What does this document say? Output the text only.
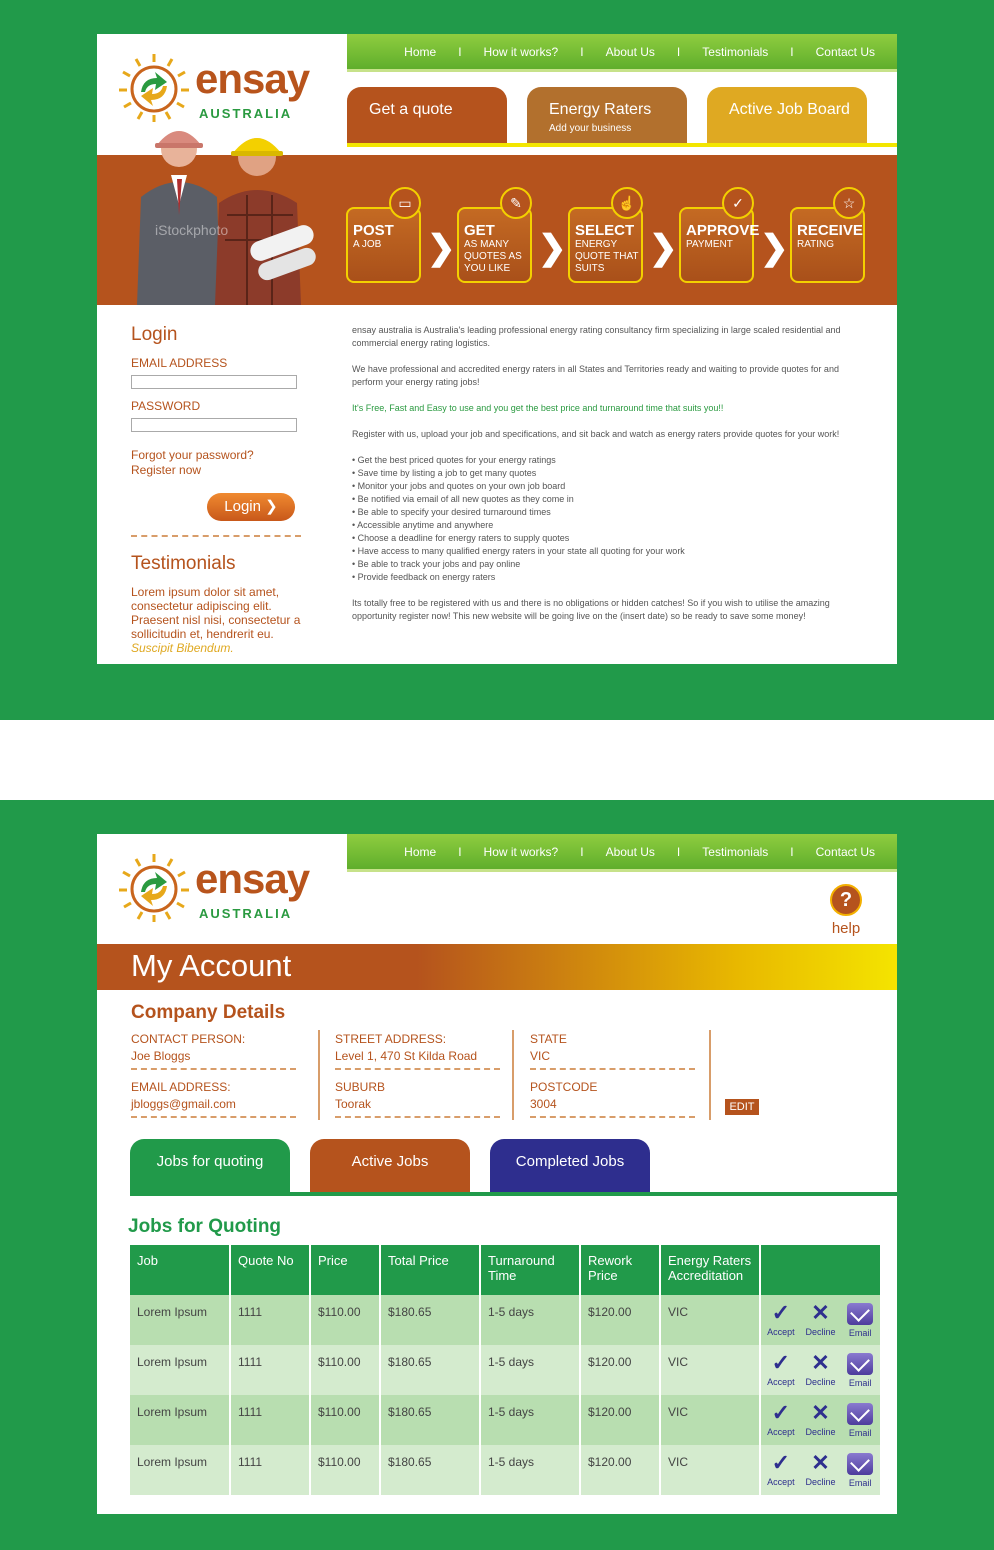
ensay
AUSTRALIA
Home I How it works? I About Us I Testimonials I Contact Us
Get a quote	Energy Raters
Add your business
Active Job Board
iStockphoto
▭
POST
A JOB	❯
✎
GET
AS MANY QUOTES AS YOU LIKE
❯
☝
SELECT
ENERGY QUOTE THAT SUITS
❯
✓
APPROVE
PAYMENT ❯
☆
RECEIVE
RATING
Login
EMAIL ADDRESS
PASSWORD
Forgot your password?
Register now
Login ❯
Testimonials
Lorem ipsum dolor sit amet, consectetur adipiscing elit. Praesent nisl nisi, consectetur a sollicitudin et, hendrerit eu.
Suscipit Bibendum.

ensay australia is Australia's leading professional energy rating consultancy firm specializing in large scaled residential and commercial energy rating logistics.

We have professional and accredited energy raters in all States and Territories ready and waiting to provide quotes for and perform your energy rating jobs!

It's Free, Fast and Easy to use and you get the best price and turnaround time that suits you!!

Register with us, upload your job and specifications, and sit back and watch as energy raters provide quotes for your work!

• Get the best priced quotes for your energy ratings
• Save time by listing a job to get many quotes
• Monitor your jobs and quotes on your own job board
• Be notified via email of all new quotes as they come in
• Be able to specify your desired turnaround times
• Accessible anytime and anywhere
• Choose a deadline for energy raters to supply quotes
• Have access to many qualified energy raters in your state all quoting for your work
• Be able to track your jobs and pay online
• Provide feedback on energy raters

Its totally free to be registered with us and there is no obligations or hidden catches! So if you wish to utilise the amazing opportunity register now! This new website will be going live on the (insert date) so be ready to save some money!

ensay
AUSTRALIA
Home I How it works? I About Us I Testimonials I Contact Us
?
help
My Account
Company Details
CONTACT PERSON:
Joe Bloggs
EMAIL ADDRESS:
jbloggs@gmail.com
STREET ADDRESS:
Level 1, 470 St Kilda Road
SUBURB
Toorak
STATE
VIC
POSTCODE
3004	EDIT
Jobs for quoting	Active Jobs	Completed Jobs
Jobs for Quoting
Job	Quote No	Price	Total Price	Turnaround Time	Rework Price	Energy Raters Accreditation	
Lorem Ipsum	1111	$110.00	$180.65	1-5 days	$120.00	VIC	✓
Accept
✕
Decline Email

Lorem Ipsum	1111	$110.00	$180.65	1-5 days	$120.00	VIC	✓
Accept
✕
Decline Email

Lorem Ipsum	1111	$110.00	$180.65	1-5 days	$120.00	VIC	✓
Accept
✕
Decline Email

Lorem Ipsum	1111	$110.00	$180.65	1-5 days	$120.00	VIC	✓
Accept
✕
Decline Email
